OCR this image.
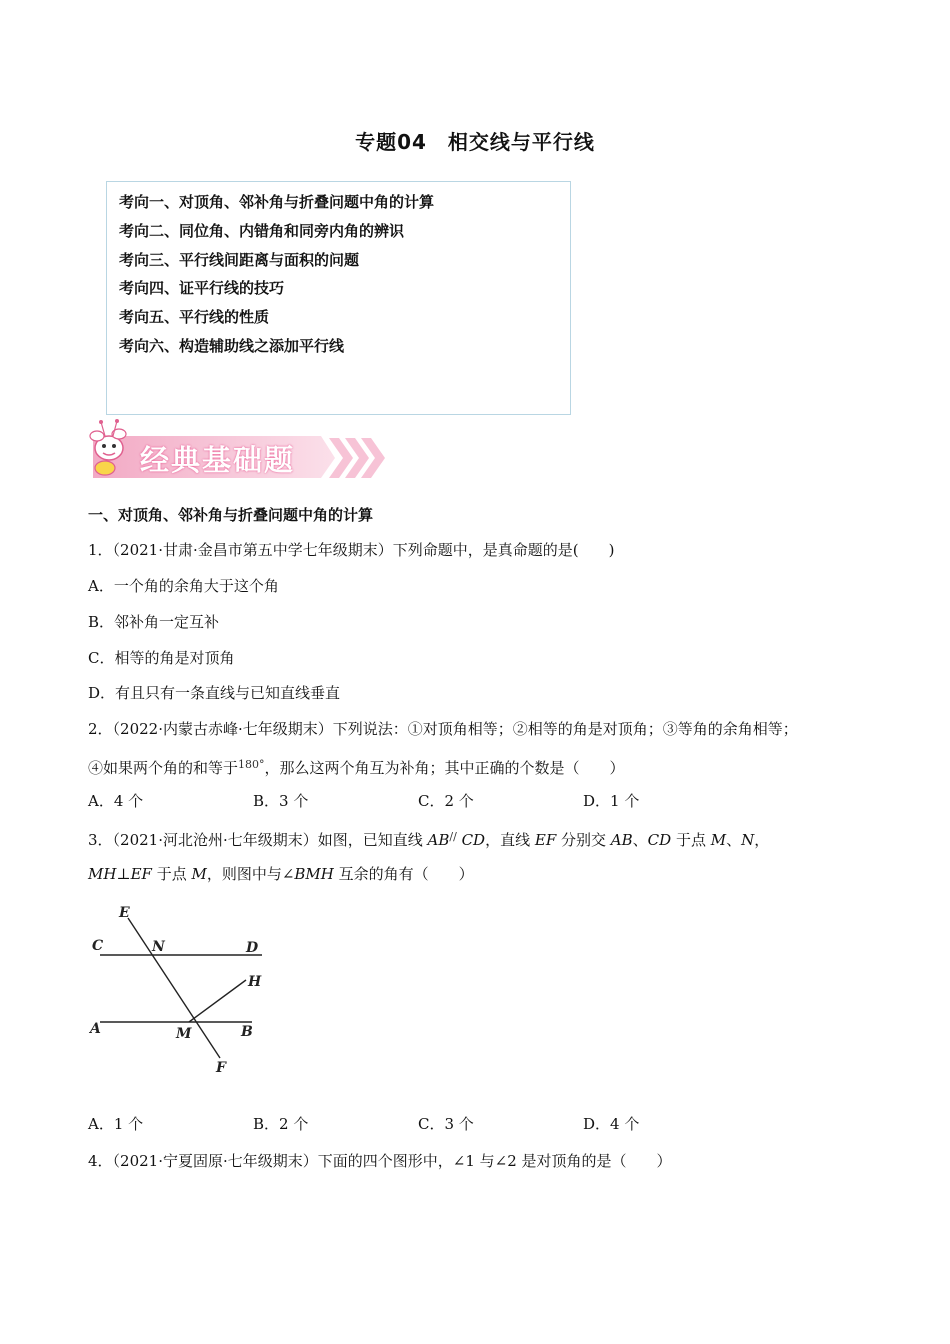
专题04　相交线与平行线
考向一、对顶角、邻补角与折叠问题中角的计算
考向二、同位角、内错角和同旁内角的辨识
考向三、平行线间距离与面积的问题
考向四、证平行线的技巧
考向五、平行线的性质
考向六、构造辅助线之添加平行线
经典基础题
一、对顶角、邻补角与折叠问题中角的计算
1．（2021·甘肃·金昌市第五中学七年级期末）下列命题中，是真命题的是(　　)
A．一个角的余角大于这个角
B．邻补角一定互补
C．相等的角是对顶角
D．有且只有一条直线与已知直线垂直
2．（2022·内蒙古赤峰·七年级期末）下列说法：①对顶角相等；②相等的角是对顶角；③等角的余角相等；
④如果两个角的和等于$^{180^\circ}$，那么这两个角互为补角；其中正确的个数是（　　）
A．4 个	B．3 个	C．2 个	D．1 个
3．（2021·河北沧州·七年级期末）如图，已知直线 AB// CD，直线 EF 分别交 AB、CD 于点 M、N，
MH⊥EF 于点 M，则图中与∠BMH 互余的角有（　　）
E
C	N	D
H
A	M	B
F
A．1 个	B．2 个	C．3 个	D．4 个
4．（2021·宁夏固原·七年级期末）下面的四个图形中，∠1 与∠2 是对顶角的是（　　）
